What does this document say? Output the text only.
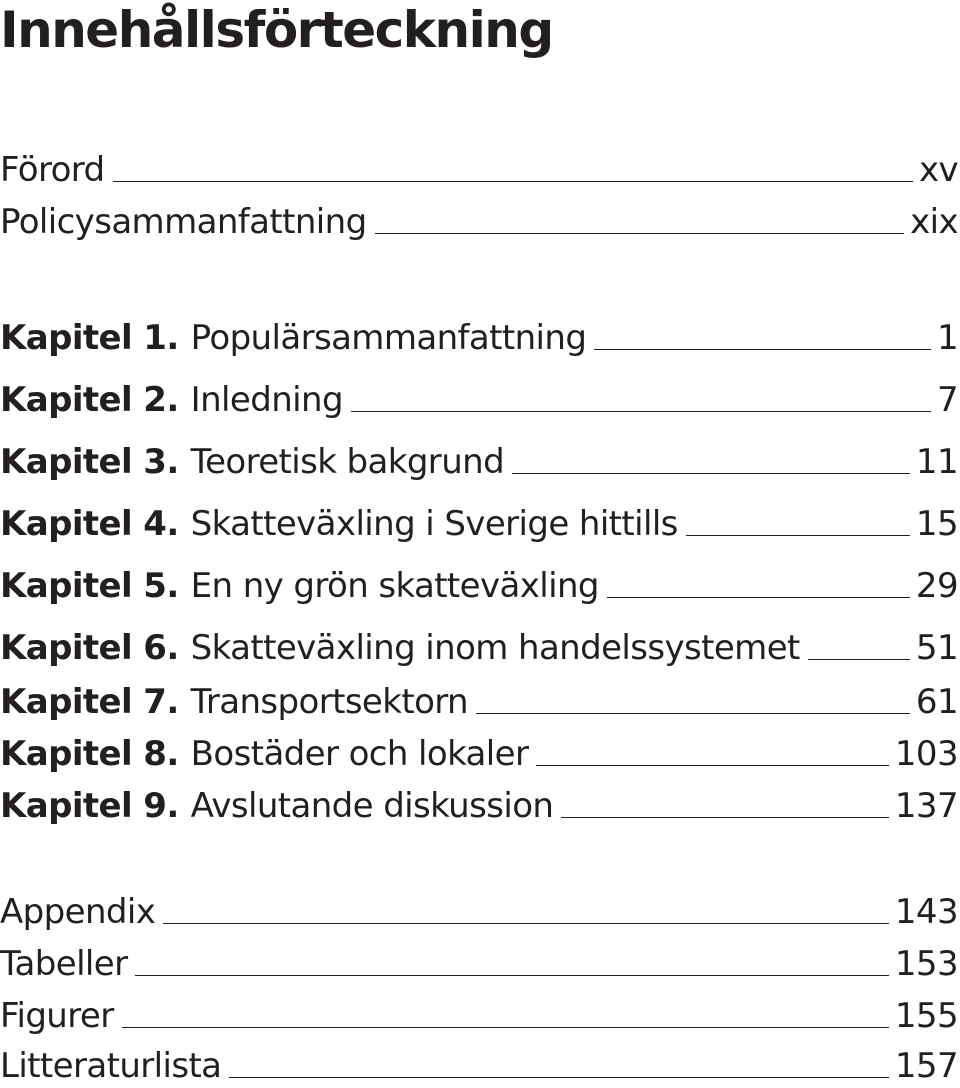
Innehållsförteckning
Förord	xv
Policysammanfattning	xix
Kapitel 1. Populärsammanfattning	1
Kapitel 2. Inledning	7
Kapitel 3. Teoretisk bakgrund	11
Kapitel 4. Skatteväxling i Sverige hittills	15
Kapitel 5. En ny grön skatteväxling	29
Kapitel 6. Skatteväxling inom handelssystemet	51
Kapitel 7. Transportsektorn	61
Kapitel 8. Bostäder och lokaler	103
Kapitel 9. Avslutande diskussion	137
Appendix	143
Tabeller	153
Figurer	155
Litteraturlista	157
